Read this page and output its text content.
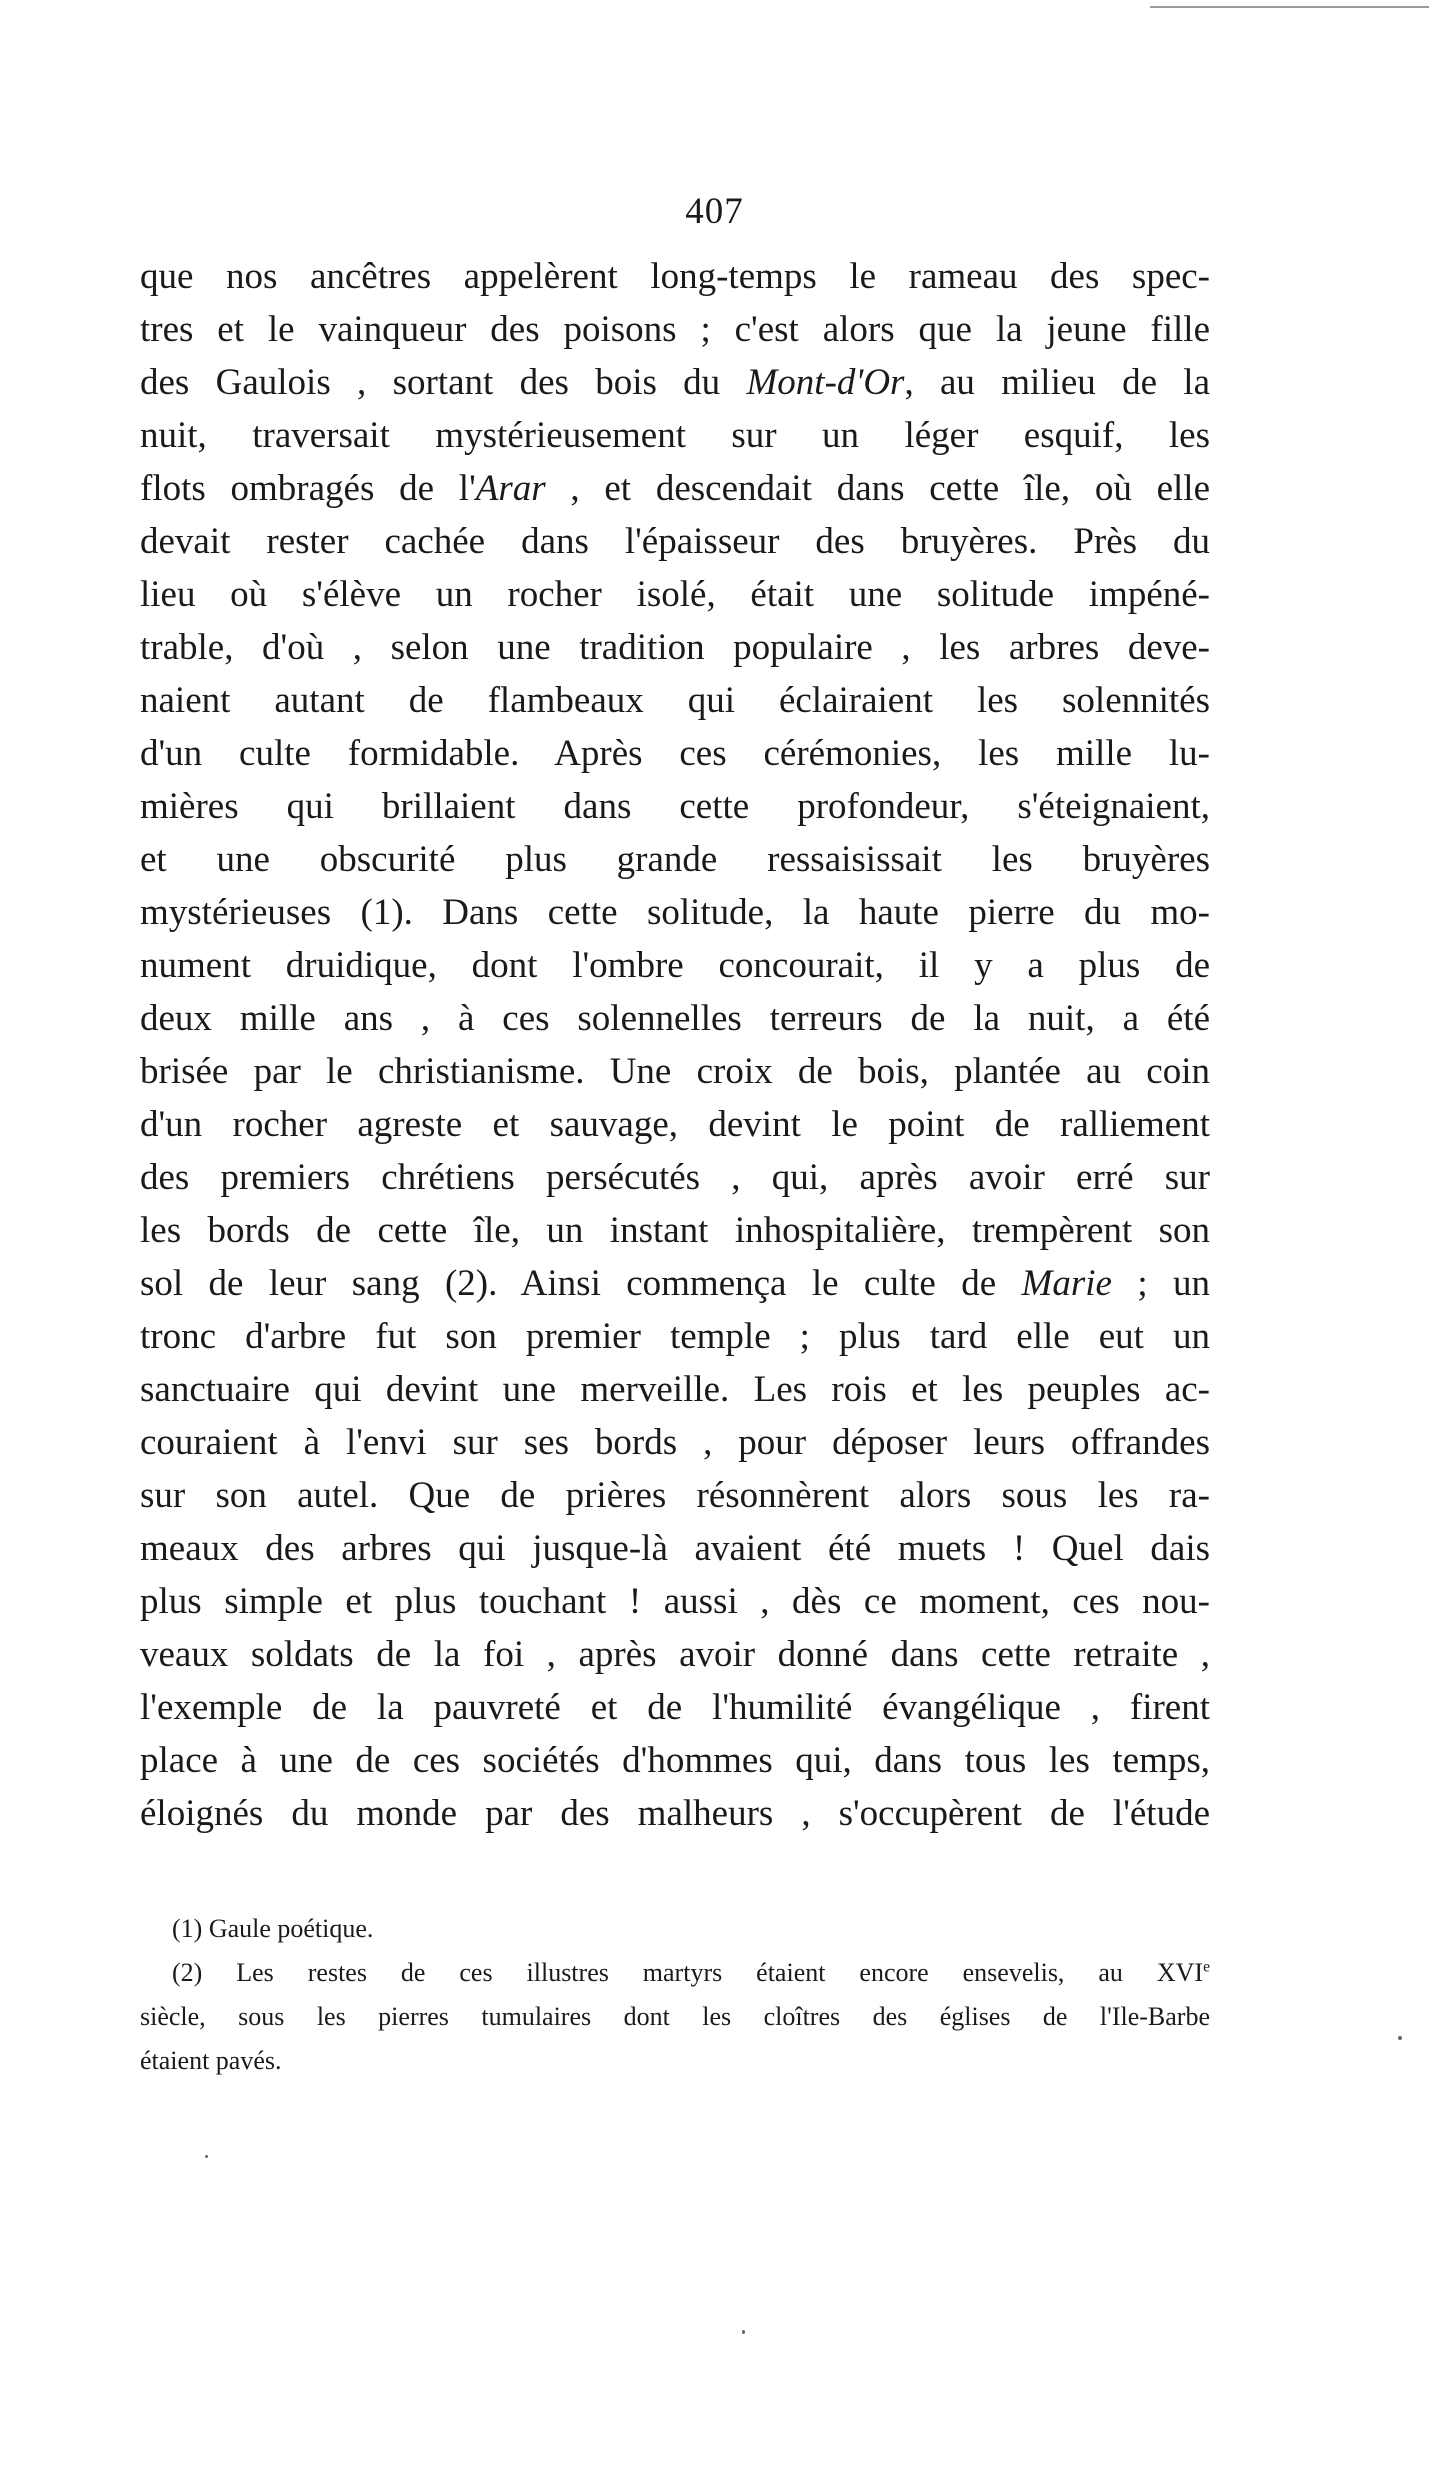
407
que nos ancêtres appelèrent long-temps le rameau des spec-
tres et le vainqueur des poisons ; c'est alors que la jeune fille
des Gaulois , sortant des bois du Mont-d'Or, au milieu de la
nuit, traversait mystérieusement sur un léger esquif, les
flots ombragés de l'Arar , et descendait dans cette île, où elle
devait rester cachée dans l'épaisseur des bruyères. Près du
lieu où s'élève un rocher isolé, était une solitude impéné-
trable, d'où , selon une tradition populaire , les arbres deve-
naient autant de flambeaux qui éclairaient les solennités
d'un culte formidable. Après ces cérémonies, les mille lu-
mières qui brillaient dans cette profondeur, s'éteignaient,
et une obscurité plus grande ressaisissait les bruyères
mystérieuses (1). Dans cette solitude, la haute pierre du mo-
nument druidique, dont l'ombre concourait, il y a plus de
deux mille ans , à ces solennelles terreurs de la nuit, a été
brisée par le christianisme. Une croix de bois, plantée au coin
d'un rocher agreste et sauvage, devint le point de ralliement
des premiers chrétiens persécutés , qui, après avoir erré sur
les bords de cette île, un instant inhospitalière, trempèrent son
sol de leur sang (2). Ainsi commença le culte de Marie ; un
tronc d'arbre fut son premier temple ; plus tard elle eut un
sanctuaire qui devint une merveille. Les rois et les peuples ac-
couraient à l'envi sur ses bords , pour déposer leurs offrandes
sur son autel. Que de prières résonnèrent alors sous les ra-
meaux des arbres qui jusque-là avaient été muets ! Quel dais
plus simple et plus touchant ! aussi , dès ce moment, ces nou-
veaux soldats de la foi , après avoir donné dans cette retraite ,
l'exemple de la pauvreté et de l'humilité évangélique , firent
place à une de ces sociétés d'hommes qui, dans tous les temps,
éloignés du monde par des malheurs , s'occupèrent de l'étude
(1) Gaule poétique.
(2) Les restes de ces illustres martyrs étaient encore ensevelis, au XVIe
siècle, sous les pierres tumulaires dont les cloîtres des églises de l'Ile-Barbe
étaient pavés.
